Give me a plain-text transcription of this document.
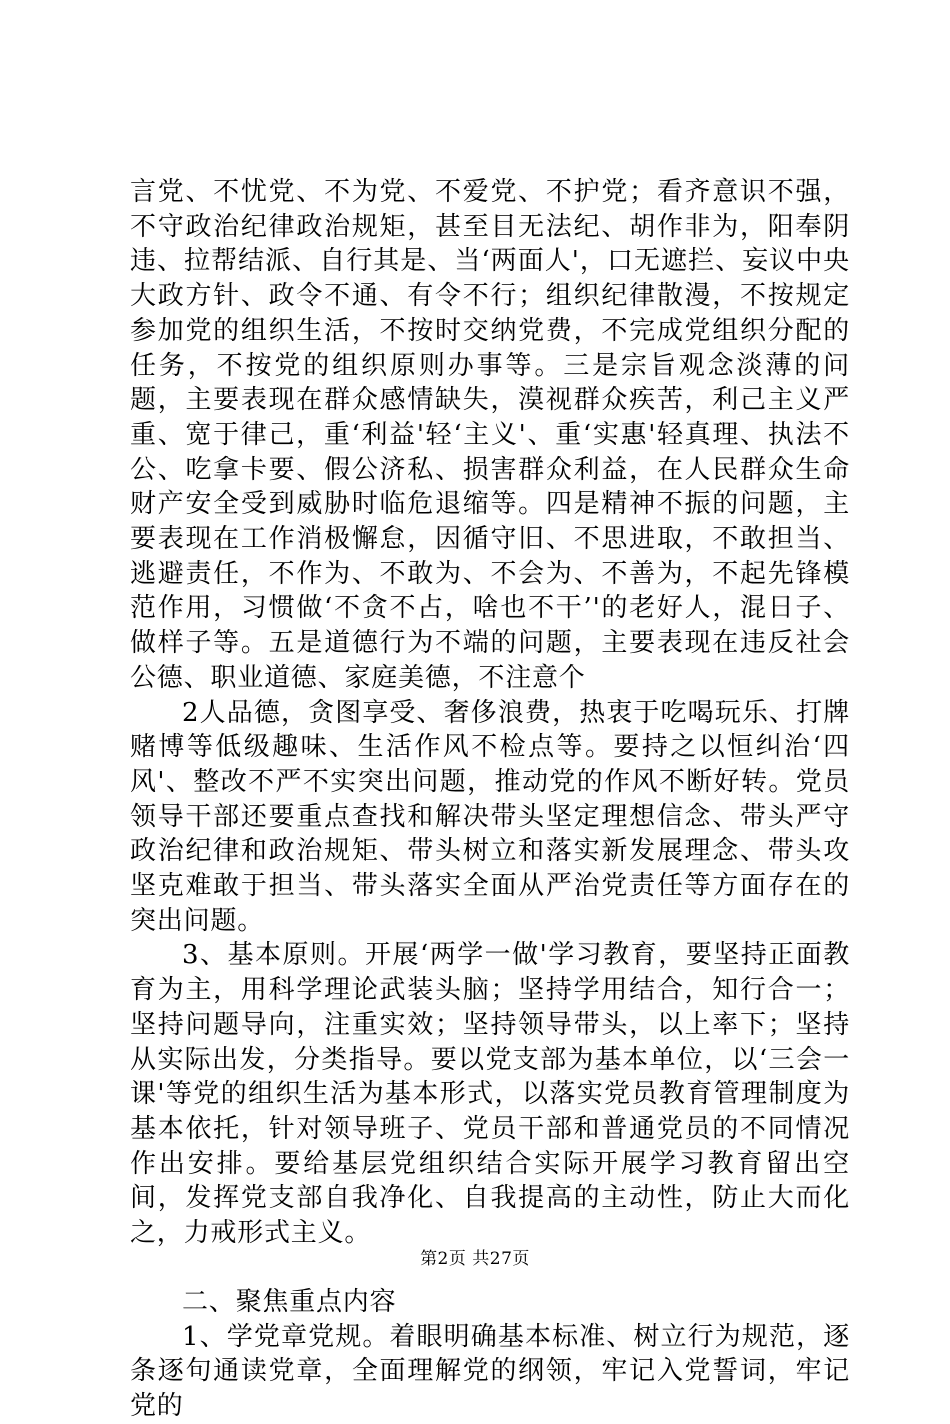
言党、不忧党、不为党、不爱党、不护党；看齐意识不强，不守政治纪律政治规矩，甚至目无法纪、胡作非为，阳奉阴违、拉帮结派、自行其是、当‘两面人'，口无遮拦、妄议中央大政方针、政令不通、有令不行；组织纪律散漫，不按规定参加党的组织生活，不按时交纳党费，不完成党组织分配的任务，不按党的组织原则办事等。三是宗旨观念淡薄的问题，主要表现在群众感情缺失，漠视群众疾苦，利己主义严重、宽于律己，重‘利益'轻‘主义'、重‘实惠'轻真理、执法不公、吃拿卡要、假公济私、损害群众利益，在人民群众生命财产安全受到威胁时临危退缩等。四是精神不振的问题，主要表现在工作消极懈怠，因循守旧、不思进取，不敢担当、逃避责任，不作为、不敢为、不会为、不善为，不起先锋模范作用，习惯做‘不贪不占，啥也不干’'的老好人，混日子、做样子等。五是道德行为不端的问题，主要表现在违反社会公德、职业道德、家庭美德，不注意个

2人品德，贪图享受、奢侈浪费，热衷于吃喝玩乐、打牌赌博等低级趣味、生活作风不检点等。要持之以恒纠治‘四风'、整改不严不实突出问题，推动党的作风不断好转。党员领导干部还要重点查找和解决带头坚定理想信念、带头严守政治纪律和政治规矩、带头树立和落实新发展理念、带头攻坚克难敢于担当、带头落实全面从严治党责任等方面存在的突出问题。

3、基本原则。开展‘两学一做'学习教育，要坚持正面教育为主，用科学理论武装头脑；坚持学用结合，知行合一；坚持问题导向，注重实效；坚持领导带头，以上率下；坚持从实际出发，分类指导。要以党支部为基本单位，以‘三会一课'等党的组织生活为基本形式，以落实党员教育管理制度为基本依托，针对领导班子、党员干部和普通党员的不同情况作出安排。要给基层党组织结合实际开展学习教育留出空间，发挥党支部自我净化、自我提高的主动性，防止大而化之，力戒形式主义。

二、聚焦重点内容

1、学党章党规。着眼明确基本标准、树立行为规范，逐条逐句通读党章，全面理解党的纲领，牢记入党誓词，牢记党的

第2页 共27页
